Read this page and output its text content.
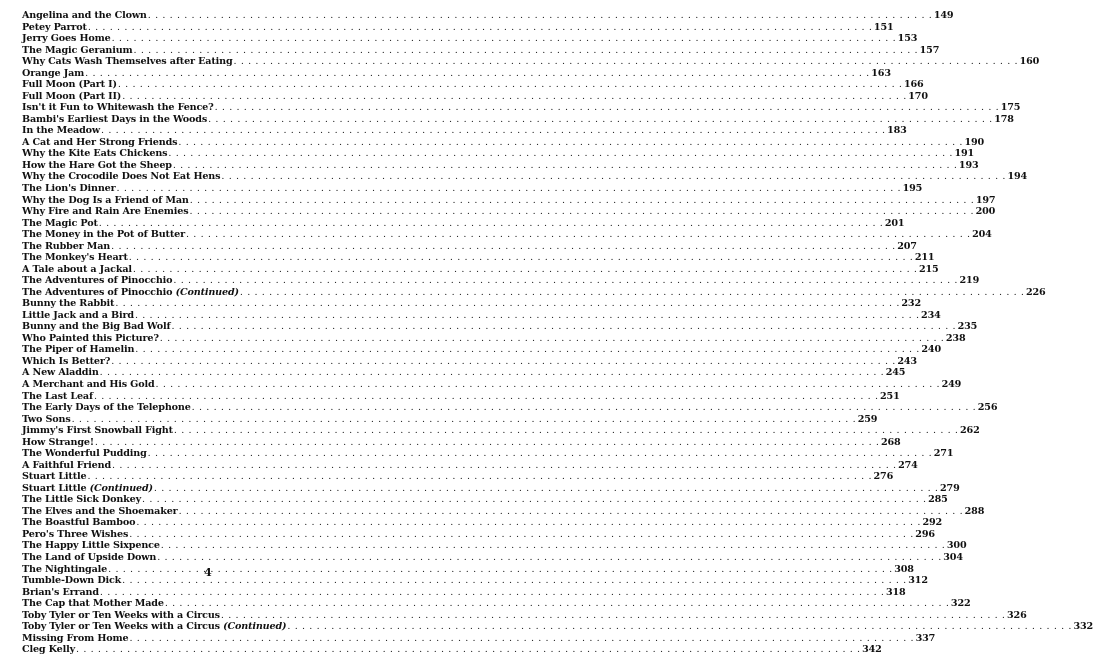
Angelina and the Clown . . .	149
Petey Parrot . . .	151
Jerry Goes Home . . .	153
The Magic Geranium . . .	157
Why Cats Wash Themselves after Eating . . .	160
Orange Jam . . .	163
Full Moon (Part I) . . .	166
Full Moon (Part II) . . .	170
Isn't it Fun to Whitewash the Fence? . . .	175
Bambi's Earliest Days in the Woods . . .	178
In the Meadow . . .	183
A Cat and Her Strong Friends . . .	190
Why the Kite Eats Chickens . . .	191
How the Hare Got the Sheep . . .	193
Why the Crocodile Does Not Eat Hens . . .	194
The Lion's Dinner . . .	195
Why the Dog Is a Friend of Man . . .	197
Why Fire and Rain Are Enemies . . .	200
The Magic Pot . . .	201
The Money in the Pot of Butter . . .	204
The Rubber Man . . .	207
The Monkey's Heart . . .	211
A Tale about a Jackal . . .	215
The Adventures of Pinocchio . . .	219
The Adventures of Pinocchio (Continued) . . .	226
Bunny the Rabbit . . .	232
Little Jack and a Bird . . .	234
Bunny and the Big Bad Wolf . . .	235
Who Painted this Picture? . . .	238
The Piper of Hamelin . . .	240
Which Is Better? . . .	243
A New Aladdin . . .	245
A Merchant and His Gold . . .	249
The Last Leaf . . .	251
The Early Days of the Telephone . . .	256
Two Sons . . .	259
Jimmy's First Snowball Fight . . .	262
How Strange! . . .	268
The Wonderful Pudding . . .	271
A Faithful Friend . . .	274
Stuart Little . . .	276
Stuart Little (Continued) . . .	279
The Little Sick Donkey . . .	285
The Elves and the Shoemaker . . .	288
The Boastful Bamboo . . .	292
Pero's Three Wishes . . .	296
The Happy Little Sixpence . . .	300
The Land of Upside Down . . .	304
The Nightingale . . .	308
Tumble-Down Dick . . .	312
Brian's Errand . . .	318
The Cap that Mother Made . . .	322
Toby Tyler or Ten Weeks with a Circus . . .	326
Toby Tyler or Ten Weeks with a Circus (Continued) . . .	332
Missing From Home . . .	337
Cleg Kelly . . .	342
4
